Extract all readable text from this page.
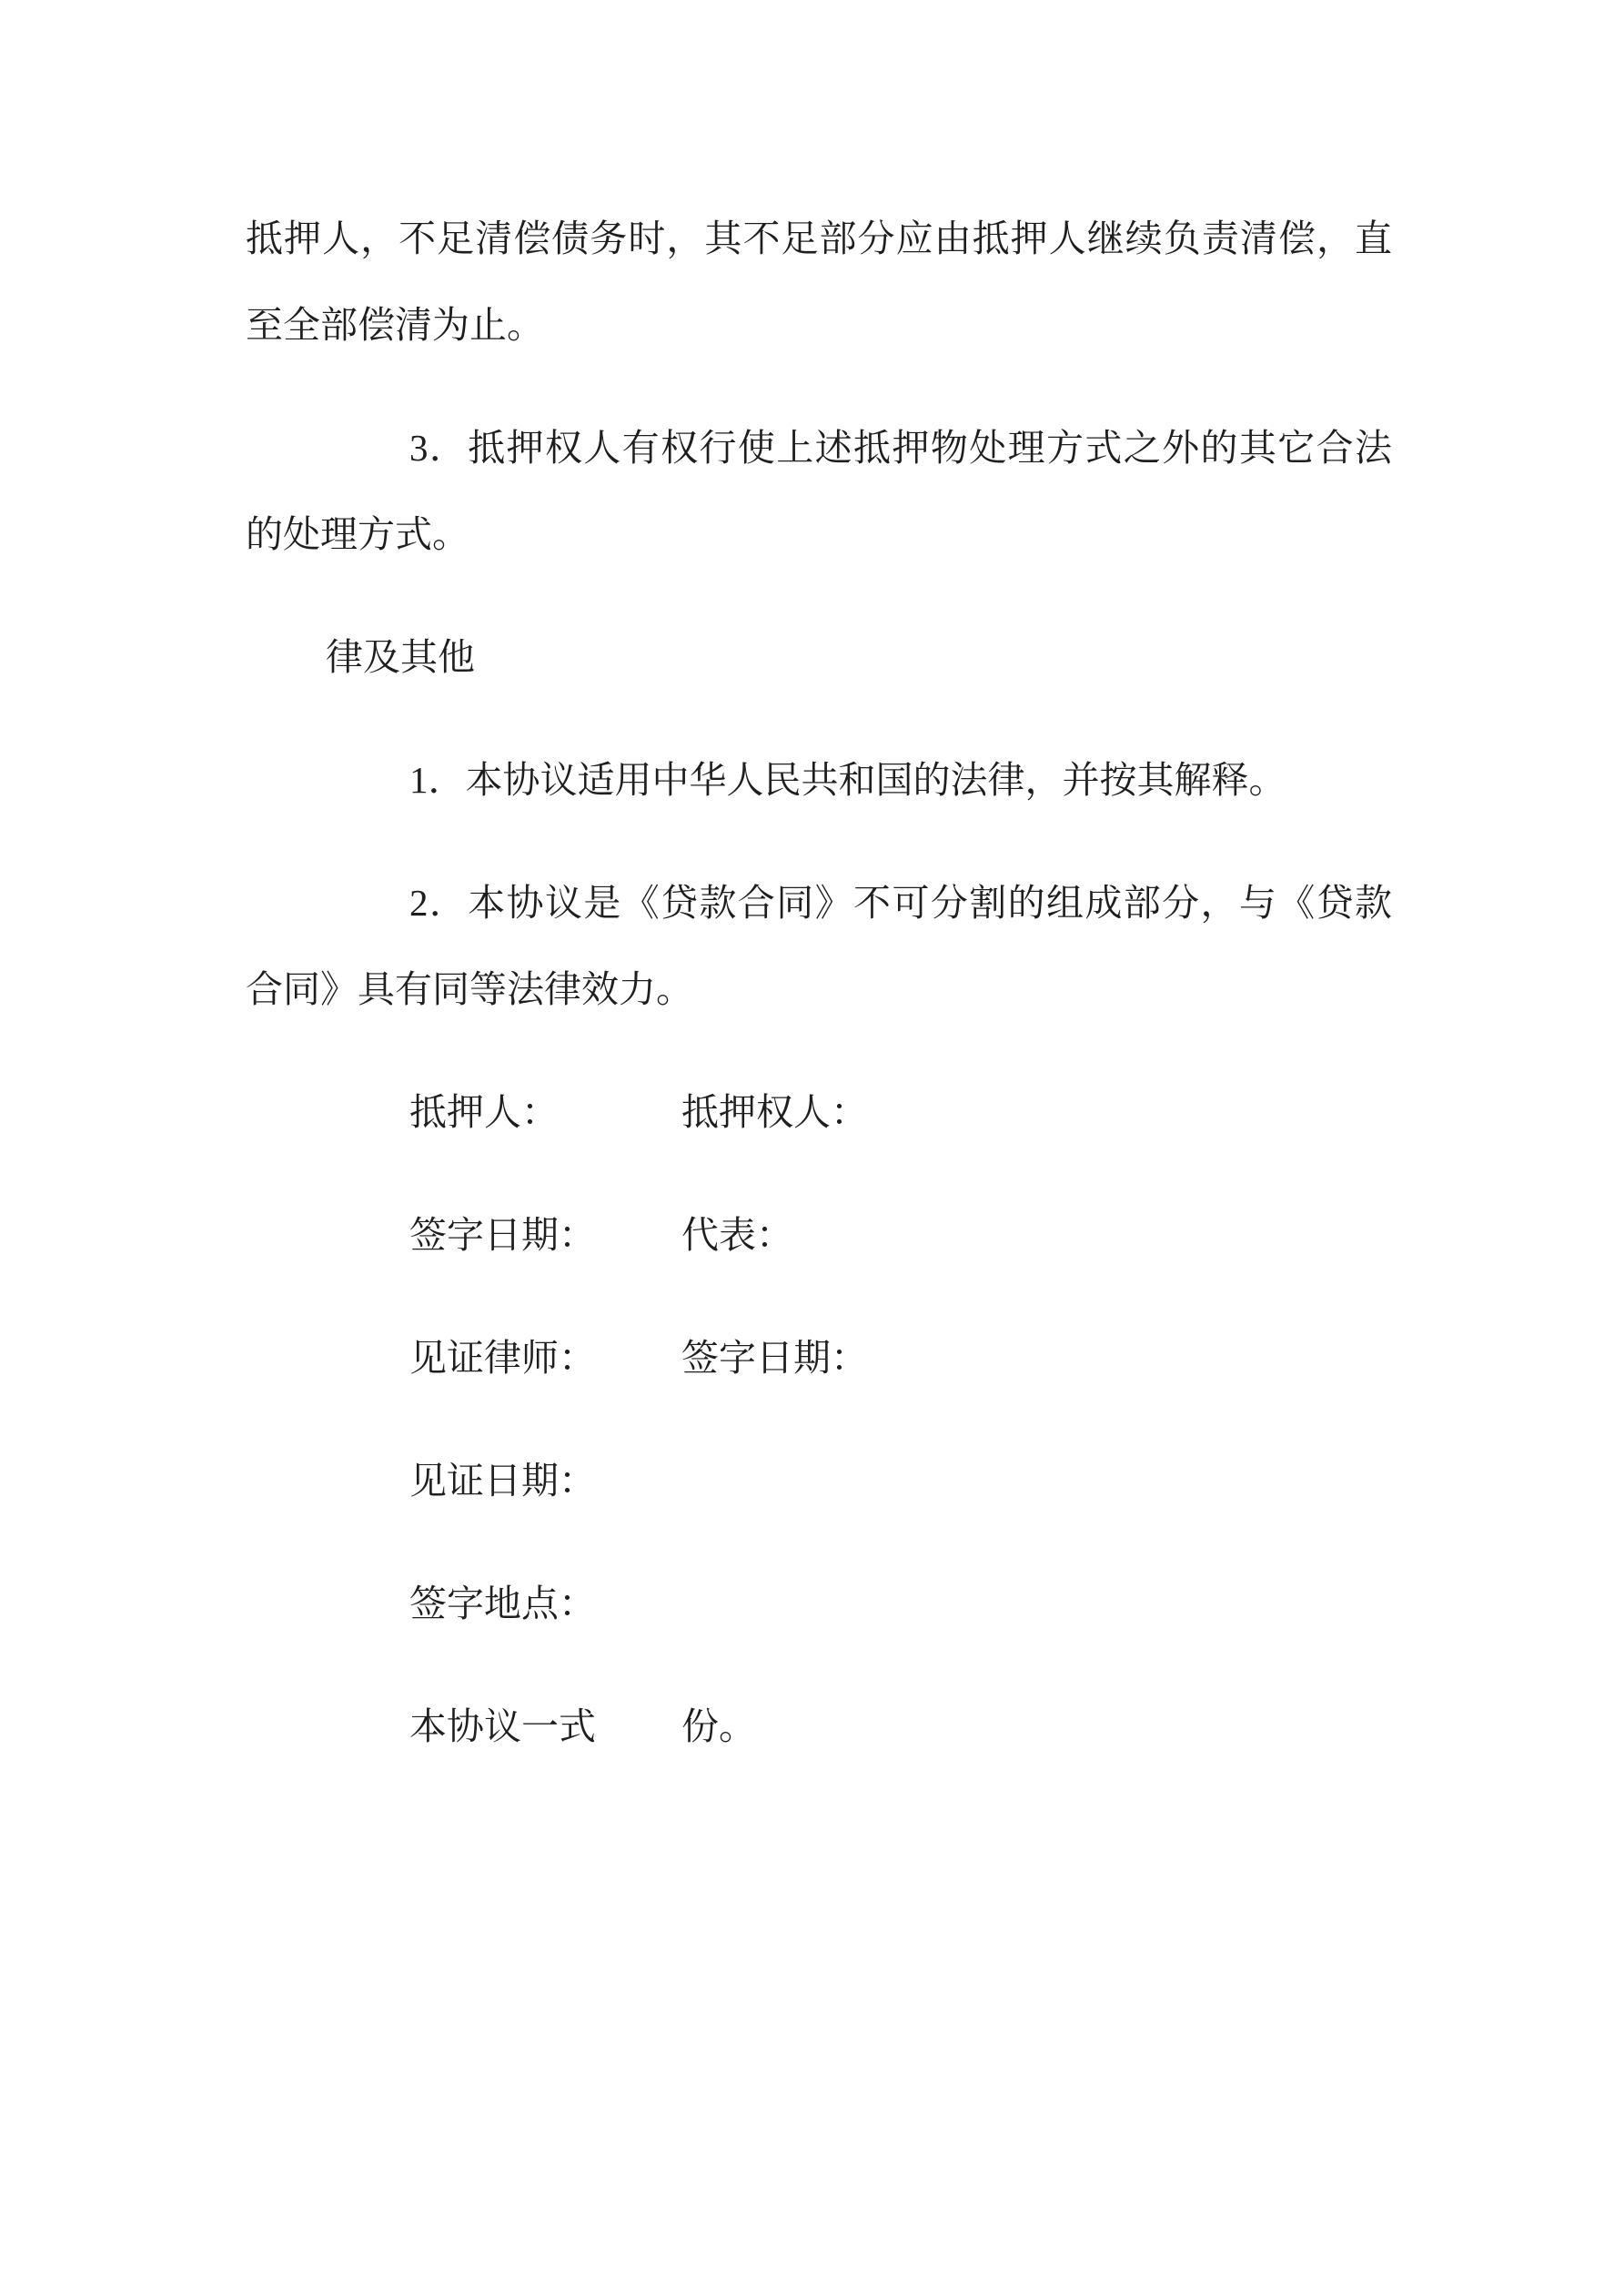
抵押人，不足清偿债务时，其不足部分应由抵押人继续负责清偿，直至全部偿清为止。

3．抵押权人有权行使上述抵押物处理方式之外的其它合法的处理方式。

律及其他

1．本协议适用中华人民共和国的法律，并按其解释。

2．本协议是《贷款合同》不可分割的组成部分，与《贷款合同》具有同等法律效力。

抵押人：	抵押权人：

签字日期： 代表：

见证律师： 签字日期：

见证日期：

签字地点：

本协议一式 份。
